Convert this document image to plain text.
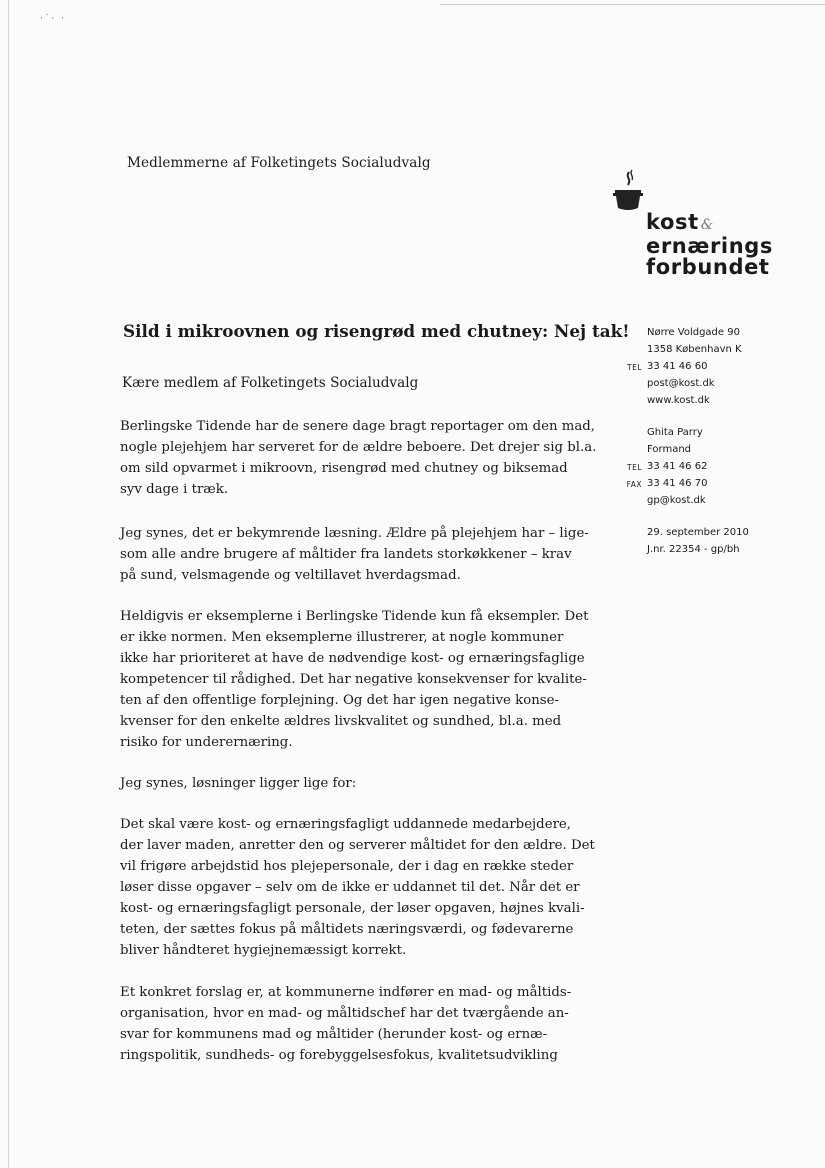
·˙· ·
Medlemmerne af Folketingets Socialudvalg
kost &
ernærings
forbundet
Sild i mikroovnen og risengrød med chutney: Nej tak!
Kære medlem af Folketingets Socialudvalg
Nørre Voldgade 90
1358 København K
TEL 33 41 46 60
post@kost.dk
www.kost.dk
Ghita Parry
Formand
TEL 33 41 46 62
FAX 33 41 46 70
gp@kost.dk
29. september 2010
J.nr. 22354 - gp/bh

Berlingske Tidende har de senere dage bragt reportager om den mad,
nogle plejehjem har serveret for de ældre beboere. Det drejer sig bl.a.
om sild opvarmet i mikroovn, risengrød med chutney og biksemad
syv dage i træk.

Jeg synes, det er bekymrende læsning. Ældre på plejehjem har – lige-
som alle andre brugere af måltider fra landets storkøkkener – krav
på sund, velsmagende og veltillavet hverdagsmad.

Heldigvis er eksemplerne i Berlingske Tidende kun få eksempler. Det
er ikke normen. Men eksemplerne illustrerer, at nogle kommuner
ikke har prioriteret at have de nødvendige kost- og ernæringsfaglige
kompetencer til rådighed. Det har negative konsekvenser for kvalite-
ten af den offentlige forplejning. Og det har igen negative konse-
kvenser for den enkelte ældres livskvalitet og sundhed, bl.a. med
risiko for underernæring.

Jeg synes, løsninger ligger lige for:

Det skal være kost- og ernæringsfagligt uddannede medarbejdere,
der laver maden, anretter den og serverer måltidet for den ældre. Det
vil frigøre arbejdstid hos plejepersonale, der i dag en række steder
løser disse opgaver – selv om de ikke er uddannet til det. Når det er
kost- og ernæringsfagligt personale, der løser opgaven, højnes kvali-
teten, der sættes fokus på måltidets næringsværdi, og fødevarerne
bliver håndteret hygiejnemæssigt korrekt.

Et konkret forslag er, at kommunerne indfører en mad- og måltids-
organisation, hvor en mad- og måltidschef har det tværgående an-
svar for kommunens mad og måltider (herunder kost- og ernæ-
ringspolitik, sundheds- og forebyggelsesfokus, kvalitetsudvikling
